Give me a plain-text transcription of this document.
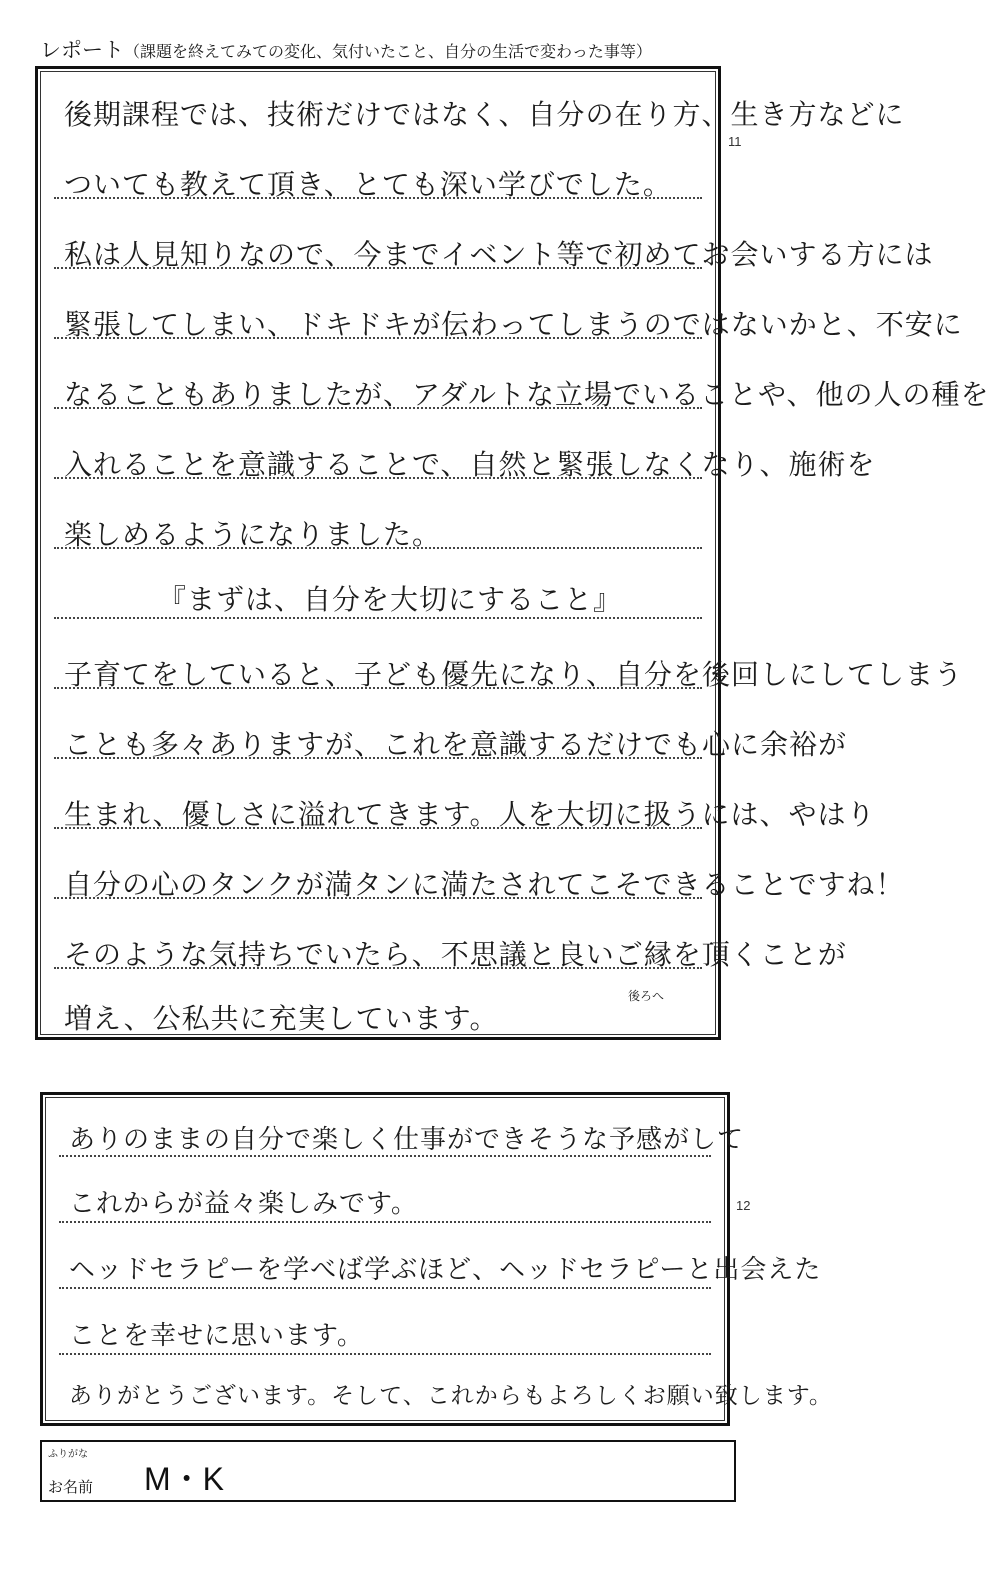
レポート（課題を終えてみての変化、気付いたこと、自分の生活で変わった事等）
後期課程では、技術だけではなく、自分の在り方、生き方などに
ついても教えて頂き、とても深い学びでした。
私は人見知りなので、今までイベント等で初めてお会いする方には
緊張してしまい、ドキドキが伝わってしまうのではないかと、不安に
なることもありましたが、アダルトな立場でいることや、他の人の種を
入れることを意識することで、自然と緊張しなくなり、施術を
楽しめるようになりました。
『まずは、自分を大切にすること』
子育てをしていると、子ども優先になり、自分を後回しにしてしまう
ことも多々ありますが、これを意識するだけでも心に余裕が
生まれ、優しさに溢れてきます。人を大切に扱うには、やはり
自分の心のタンクが満タンに満たされてこそできることですね！
そのような気持ちでいたら、不思議と良いご縁を頂くことが
増え、公私共に充実しています。
後ろへ
11
ありのままの自分で楽しく仕事ができそうな予感がして
これからが益々楽しみです。
ヘッドセラピーを学べば学ぶほど、ヘッドセラピーと出会えた
ことを幸せに思います。
ありがとうございます。そして、これからもよろしくお願い致します。
12
ふりがな
お名前 M・K
